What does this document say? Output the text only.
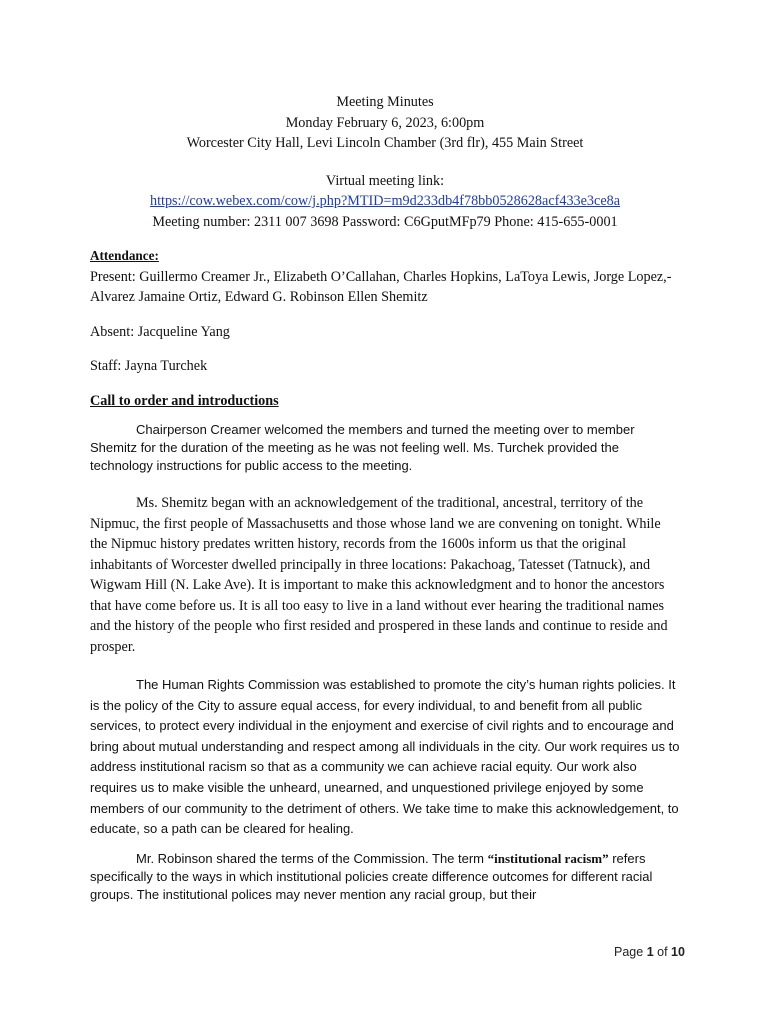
Meeting Minutes

Monday February 6, 2023, 6:00pm

Worcester City Hall, Levi Lincoln Chamber (3rd flr), 455 Main Street

Virtual meeting link:

https://cow.webex.com/cow/j.php?MTID=m9d233db4f78bb0528628acf433e3ce8a

Meeting number: 2311 007 3698 Password: C6GputMFp79 Phone: 415-655-0001

Attendance:

Present: Guillermo Creamer Jr., Elizabeth O’Callahan, Charles Hopkins, LaToya Lewis, Jorge Lopez,-Alvarez Jamaine Ortiz, Edward G. Robinson Ellen Shemitz

Absent: Jacqueline Yang

Staff: Jayna Turchek

Call to order and introductions

Chairperson Creamer welcomed the members and turned the meeting over to member Shemitz for the duration of the meeting as he was not feeling well. Ms. Turchek provided the technology instructions for public access to the meeting.

Ms. Shemitz began with an acknowledgement of the traditional, ancestral, territory of the Nipmuc, the first people of Massachusetts and those whose land we are convening on tonight. While the Nipmuc history predates written history, records from the 1600s inform us that the original inhabitants of Worcester dwelled principally in three locations: Pakachoag, Tatesset (Tatnuck), and Wigwam Hill (N. Lake Ave). It is important to make this acknowledgment and to honor the ancestors that have come before us. It is all too easy to live in a land without ever hearing the traditional names and the history of the people who first resided and prospered in these lands and continue to reside and prosper.

The Human Rights Commission was established to promote the city’s human rights policies. It is the policy of the City to assure equal access, for every individual, to and benefit from all public services, to protect every individual in the enjoyment and exercise of civil rights and to encourage and bring about mutual understanding and respect among all individuals in the city. Our work requires us to address institutional racism so that as a community we can achieve racial equity. Our work also requires us to make visible the unheard, unearned, and unquestioned privilege enjoyed by some members of our community to the detriment of others. We take time to make this acknowledgement, to educate, so a path can be cleared for healing.

Mr. Robinson shared the terms of the Commission. The term “institutional racism” refers specifically to the ways in which institutional policies create difference outcomes for different racial groups. The institutional polices may never mention any racial group, but their

Page 1 of 10
